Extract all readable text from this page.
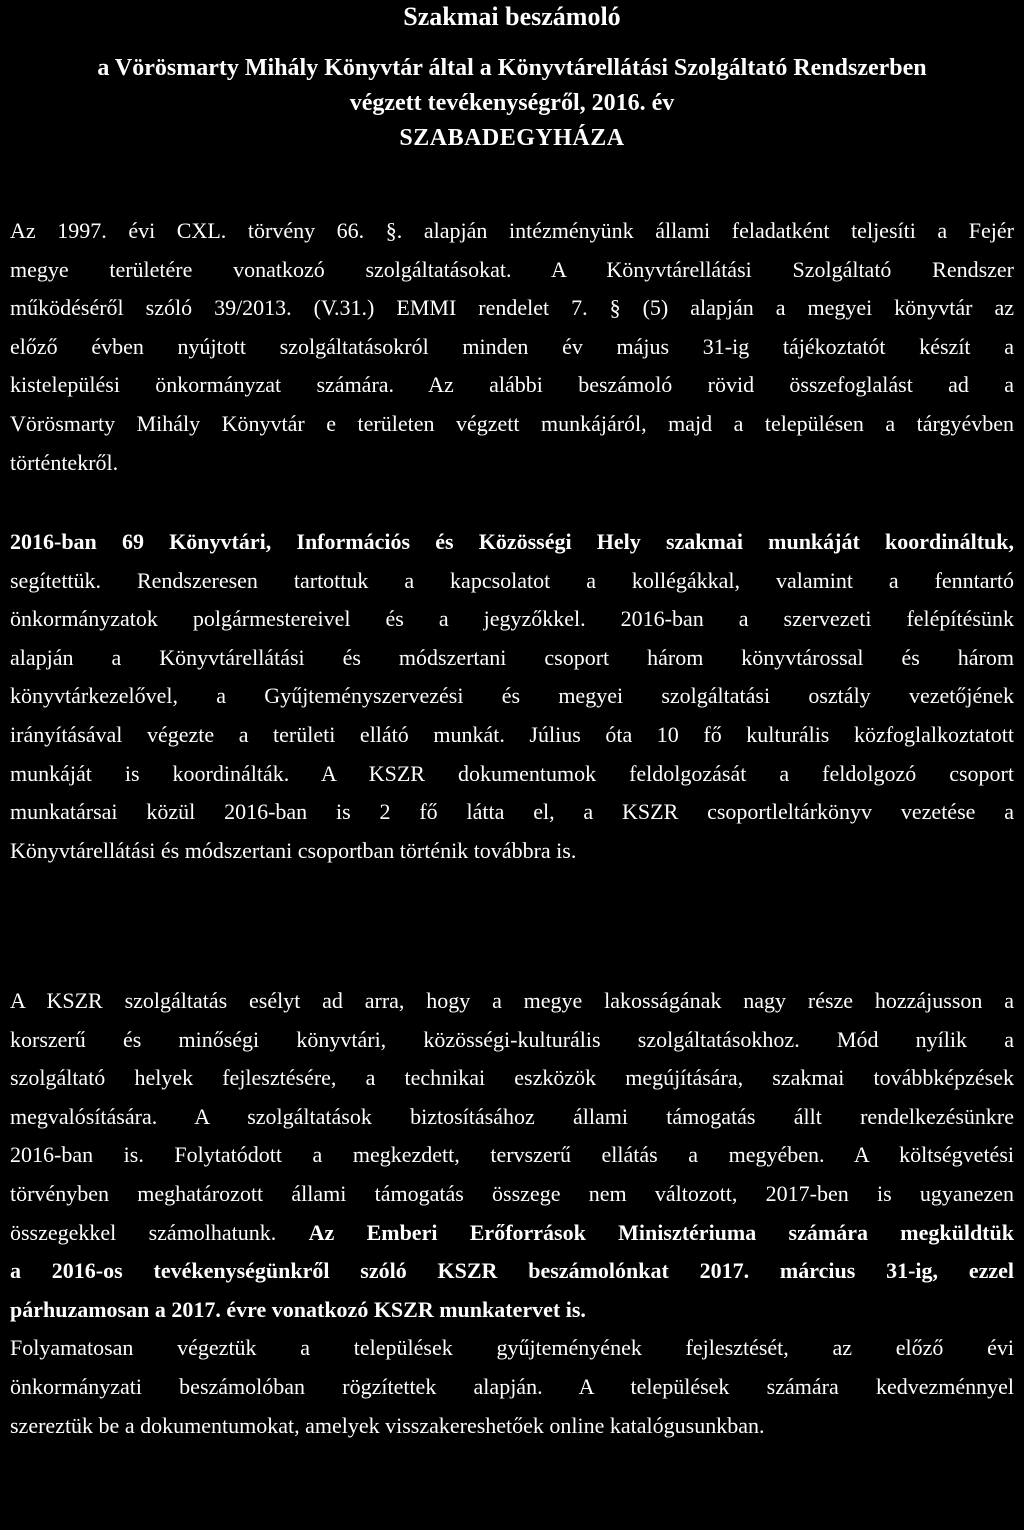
Szakmai beszámoló
a Vörösmarty Mihály Könyvtár által a Könyvtárellátási Szolgáltató Rendszerben
végzett tevékenységről, 2016. év
SZABADEGYHÁZA
Az 1997. évi CXL. törvény 66. §. alapján intézményünk állami feladatként teljesíti a Fejér
megye területére vonatkozó szolgáltatásokat. A Könyvtárellátási Szolgáltató Rendszer
működéséről szóló 39/2013. (V.31.) EMMI rendelet 7. § (5) alapján a megyei könyvtár az
előző évben nyújtott szolgáltatásokról minden év május 31-ig tájékoztatót készít a
kistelepülési önkormányzat számára. Az alábbi beszámoló rövid összefoglalást ad a
Vörösmarty Mihály Könyvtár e területen végzett munkájáról, majd a településen a tárgyévben
történtekről.
2016-ban 69 Könyvtári, Információs és Közösségi Hely szakmai munkáját koordináltuk,
segítettük. Rendszeresen tartottuk a kapcsolatot a kollégákkal, valamint a fenntartó
önkormányzatok polgármestereivel és a jegyzőkkel. 2016-ban a szervezeti felépítésünk
alapján a Könyvtárellátási és módszertani csoport három könyvtárossal és három
könyvtárkezelővel, a Gyűjteményszervezési és megyei szolgáltatási osztály vezetőjének
irányításával végezte a területi ellátó munkát. Július óta 10 fő kulturális közfoglalkoztatott
munkáját is koordinálták. A KSZR dokumentumok feldolgozását a feldolgozó csoport
munkatársai közül 2016-ban is 2 fő látta el, a KSZR csoportleltárkönyv vezetése a
Könyvtárellátási és módszertani csoportban történik továbbra is.
A KSZR szolgáltatás esélyt ad arra, hogy a megye lakosságának nagy része hozzájusson a
korszerű és minőségi könyvtári, közösségi-kulturális szolgáltatásokhoz. Mód nyílik a
szolgáltató helyek fejlesztésére, a technikai eszközök megújítására, szakmai továbbképzések
megvalósítására. A szolgáltatások biztosításához állami támogatás állt rendelkezésünkre
2016-ban is. Folytatódott a megkezdett, tervszerű ellátás a megyében. A költségvetési
törvényben meghatározott állami támogatás összege nem változott, 2017-ben is ugyanezen
összegekkel számolhatunk. Az Emberi Erőforrások Minisztériuma számára megküldtük
a 2016-os tevékenységünkről szóló KSZR beszámolónkat 2017. március 31-ig, ezzel
párhuzamosan a 2017. évre vonatkozó KSZR munkatervet is.
Folyamatosan végeztük a települések gyűjteményének fejlesztését, az előző évi
önkormányzati beszámolóban rögzítettek alapján. A települések számára kedvezménnyel
szereztük be a dokumentumokat, amelyek visszakereshetőek online katalógusunkban.
